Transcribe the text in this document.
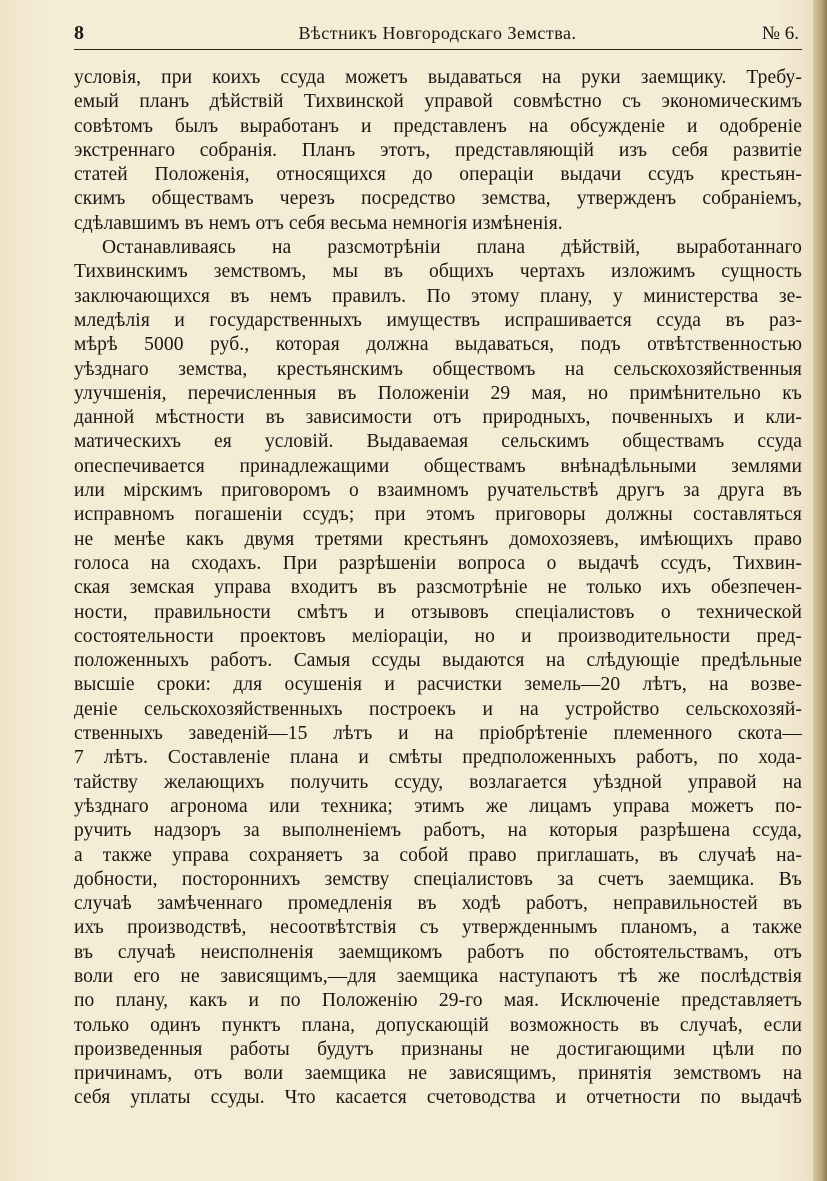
8	Вѣстникъ Новгородскаго Земства.	№ 6.
условія, при коихъ ссуда можетъ выдаваться на руки заемщику. Требу-
емый планъ дѣйствій Тихвинской управой совмѣстно съ экономическимъ
совѣтомъ былъ выработанъ и представленъ на обсужденіе и одобреніе
экстреннаго собранія. Планъ этотъ, представляющій изъ себя развитіе
статей Положенія, относящихся до операціи выдачи ссудъ крестьян-
скимъ обществамъ черезъ посредство земства, утвержденъ собраніемъ,
сдѣлавшимъ въ немъ отъ себя весьма немногія измѣненія.
Останавливаясь на разсмотрѣніи плана дѣйствій, выработаннаго
Тихвинскимъ земствомъ, мы въ общихъ чертахъ изложимъ сущность
заключающихся въ немъ правилъ. По этому плану, у министерства зе-
мледѣлія и государственныхъ имуществъ испрашивается ссуда въ раз-
мѣрѣ 5000 руб., которая должна выдаваться, подъ отвѣтственностью
уѣзднаго земства, крестьянскимъ обществомъ на сельскохозяйственныя
улучшенія, перечисленныя въ Положеніи 29 мая, но примѣнительно къ
данной мѣстности въ зависимости отъ природныхъ, почвенныхъ и кли-
матическихъ ея условій. Выдаваемая сельскимъ обществамъ ссуда
опеспечивается принадлежащими обществамъ внѣнадѣльными землями
или мірскимъ приговоромъ о взаимномъ ручательствѣ другъ за друга въ
исправномъ погашеніи ссудъ; при этомъ приговоры должны составляться
не менѣе какъ двумя третями крестьянъ домохозяевъ, имѣющихъ право
голоса на сходахъ. При разрѣшеніи вопроса о выдачѣ ссудъ, Тихвин-
ская земская управа входитъ въ разсмотрѣніе не только ихъ обезпечен-
ности, правильности смѣтъ и отзывовъ спеціалистовъ о технической
состоятельности проектовъ меліораціи, но и производительности пред-
положенныхъ работъ. Самыя ссуды выдаются на слѣдующіе предѣльные
высшіе сроки: для осушенія и расчистки земель—20 лѣтъ, на возве-
деніе сельскохозяйственныхъ построекъ и на устройство сельскохозяй-
ственныхъ заведеній—15 лѣтъ и на пріобрѣтеніе племенного скота—
7 лѣтъ. Составленіе плана и смѣты предположенныхъ работъ, по хода-
тайству желающихъ получить ссуду, возлагается уѣздной управой на
уѣзднаго агронома или техника; этимъ же лицамъ управа можетъ по-
ручить надзоръ за выполненіемъ работъ, на которыя разрѣшена ссуда,
а также управа сохраняетъ за собой право приглашать, въ случаѣ на-
добности, постороннихъ земству спеціалистовъ за счетъ заемщика. Въ
случаѣ замѣченнаго промедленія въ ходѣ работъ, неправильностей въ
ихъ производствѣ, несоотвѣтствія съ утвержденнымъ планомъ, а также
въ случаѣ неисполненія заемщикомъ работъ по обстоятельствамъ, отъ
воли его не зависящимъ,—для заемщика наступаютъ тѣ же послѣдствія
по плану, какъ и по Положенію 29-го мая. Исключеніе представляетъ
только одинъ пунктъ плана, допускающій возможность въ случаѣ, если
произведенныя работы будутъ признаны не достигающими цѣли по
причинамъ, отъ воли заемщика не зависящимъ, принятія земствомъ на
себя уплаты ссуды. Что касается счетоводства и отчетности по выдачѣ
